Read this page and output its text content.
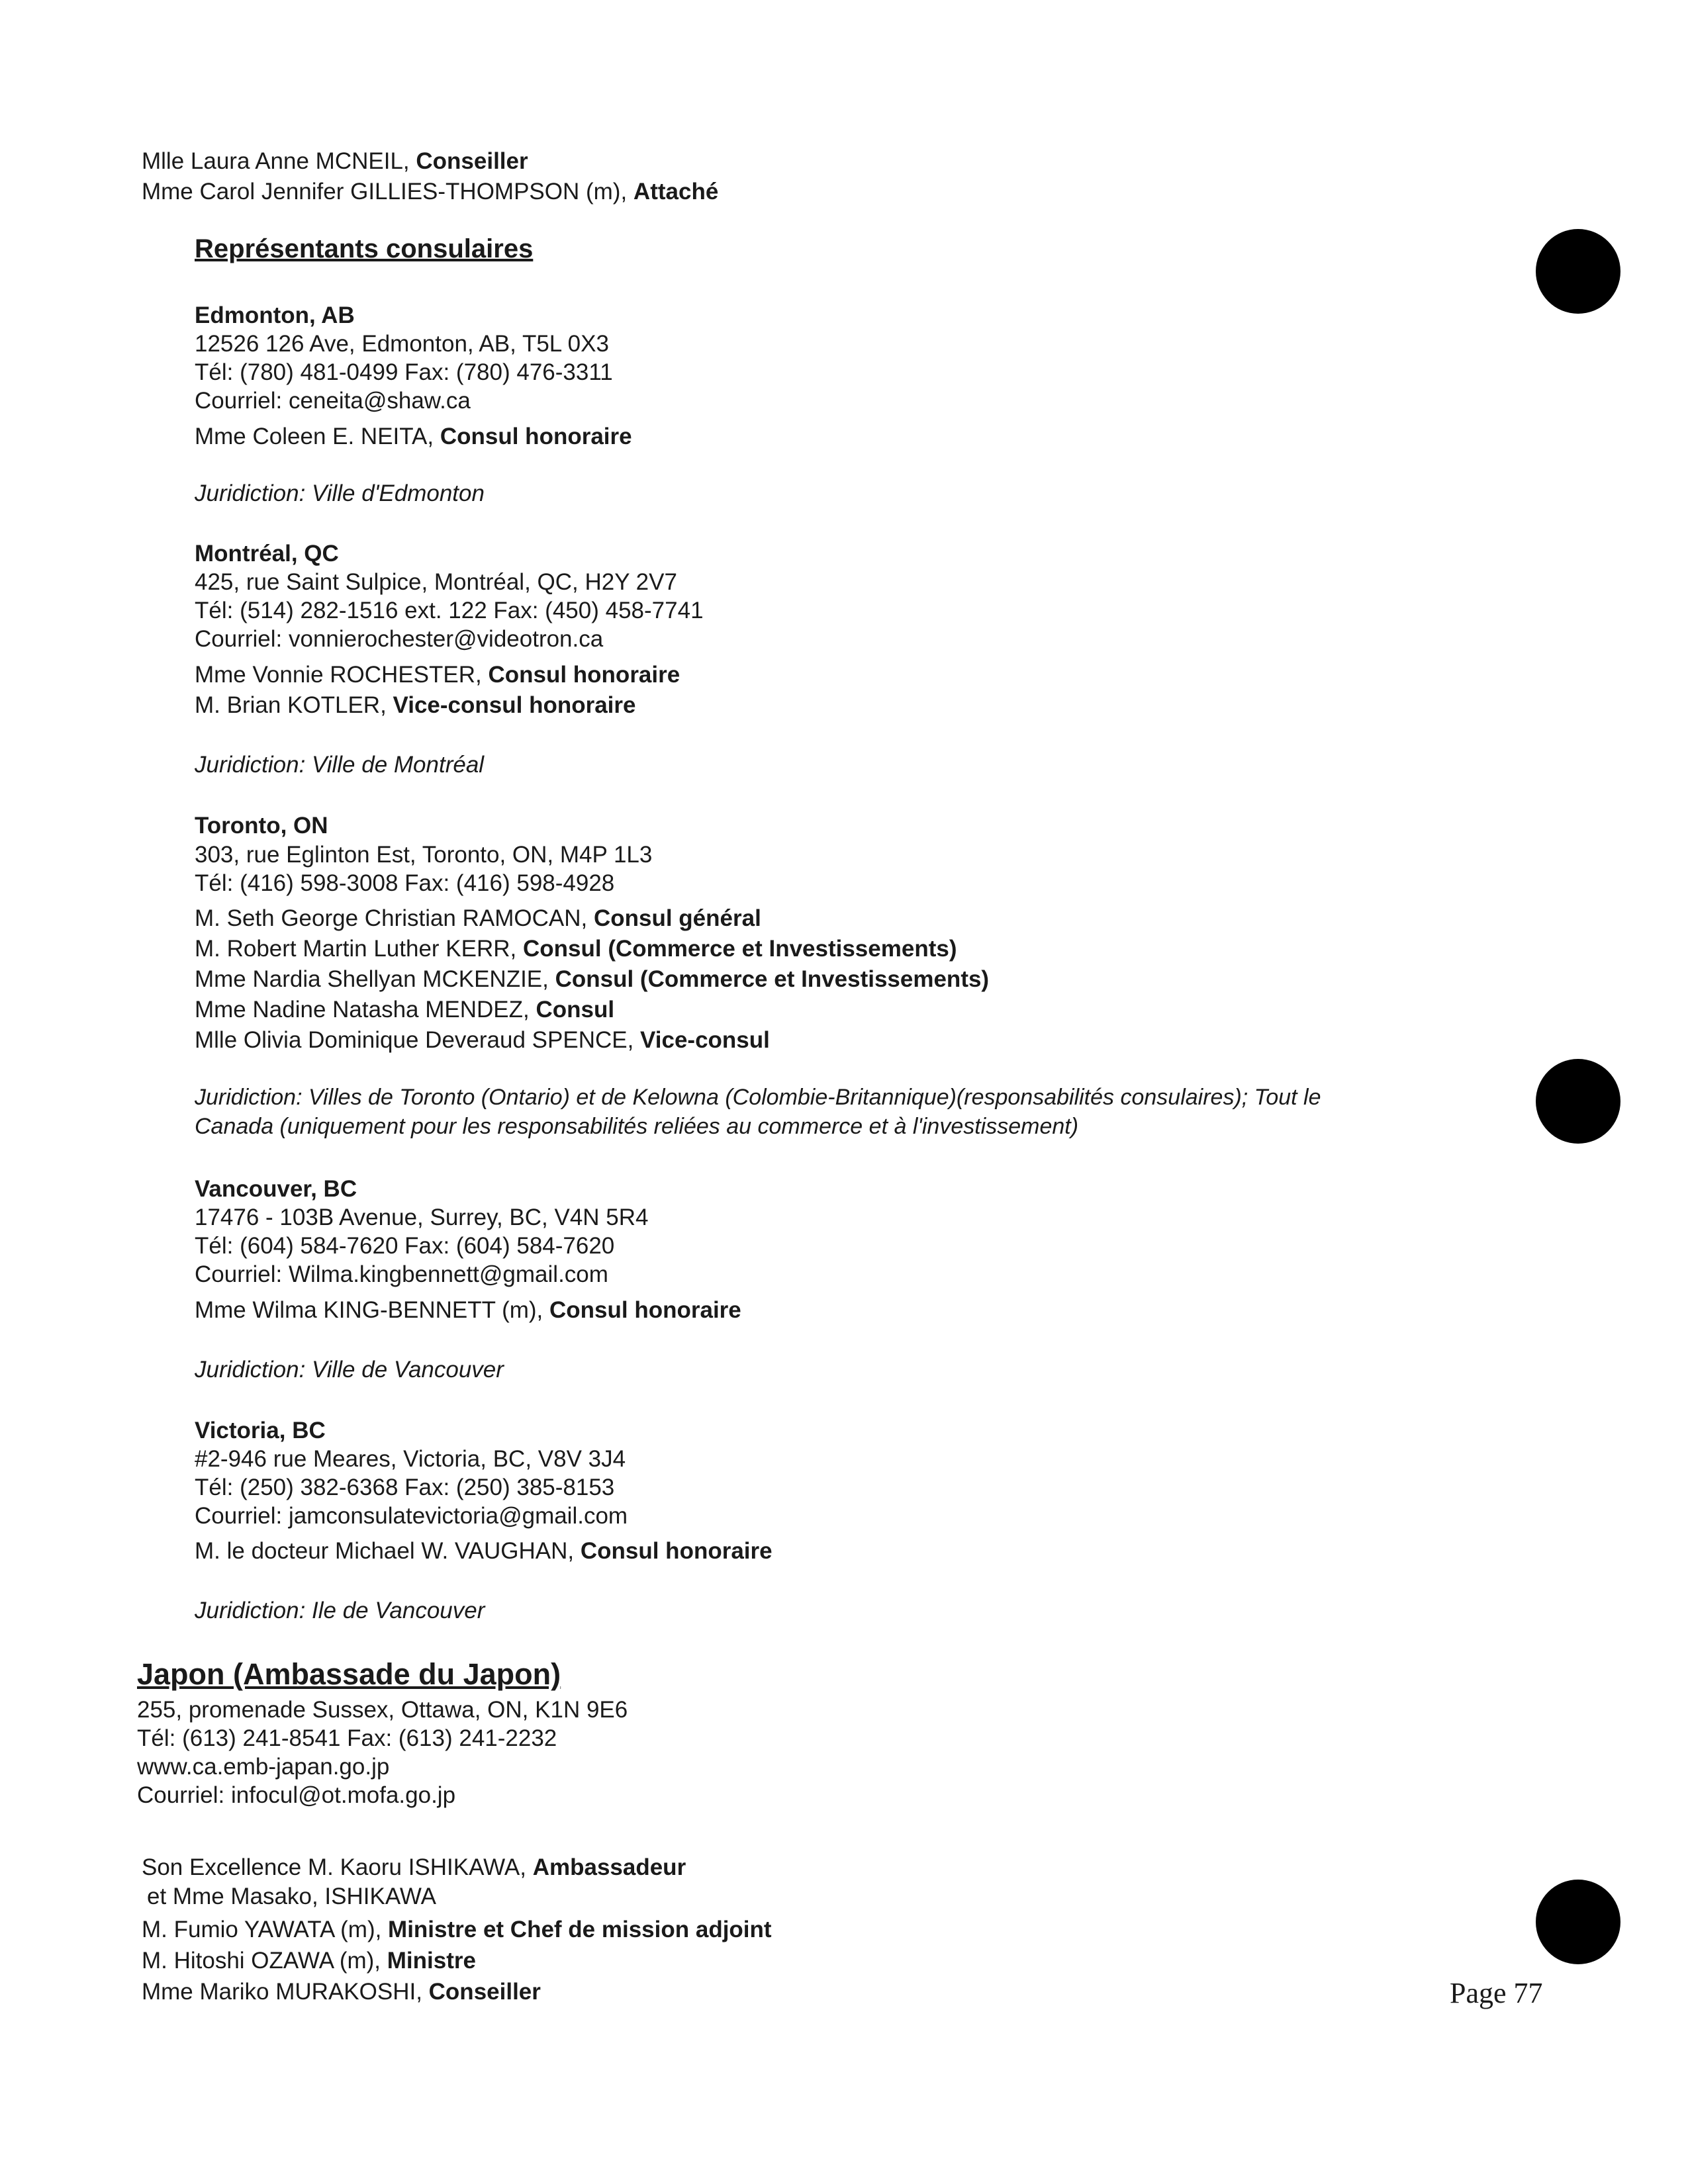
Mlle Laura Anne MCNEIL, Conseiller
Mme Carol Jennifer GILLIES-THOMPSON (m), Attaché
Représentants consulaires
Edmonton, AB
12526 126 Ave, Edmonton, AB, T5L 0X3
Tél: (780) 481-0499 Fax: (780) 476-3311
Courriel: ceneita@shaw.ca
Mme Coleen E. NEITA, Consul honoraire
Juridiction: Ville d'Edmonton
Montréal, QC
425, rue Saint Sulpice, Montréal, QC, H2Y 2V7
Tél: (514) 282-1516 ext. 122 Fax: (450) 458-7741
Courriel: vonnierochester@videotron.ca
Mme Vonnie ROCHESTER, Consul honoraire
M. Brian KOTLER, Vice-consul honoraire
Juridiction: Ville de Montréal
Toronto, ON
303, rue Eglinton Est, Toronto, ON, M4P 1L3
Tél: (416) 598-3008 Fax: (416) 598-4928
M. Seth George Christian RAMOCAN, Consul général
M. Robert Martin Luther KERR, Consul (Commerce et Investissements)
Mme Nardia Shellyan MCKENZIE, Consul (Commerce et Investissements)
Mme Nadine Natasha MENDEZ, Consul
Mlle Olivia Dominique Deveraud SPENCE, Vice-consul
Juridiction: Villes de Toronto (Ontario) et de Kelowna (Colombie-Britannique)(responsabilités consulaires); Tout le
Canada (uniquement pour les responsabilités reliées au commerce et à l'investissement)
Vancouver, BC
17476 - 103B Avenue, Surrey, BC, V4N 5R4
Tél: (604) 584-7620 Fax: (604) 584-7620
Courriel: Wilma.kingbennett@gmail.com
Mme Wilma KING-BENNETT (m), Consul honoraire
Juridiction: Ville de Vancouver
Victoria, BC
#2-946 rue Meares, Victoria, BC, V8V 3J4
Tél: (250) 382-6368 Fax: (250) 385-8153
Courriel: jamconsulatevictoria@gmail.com
M. le docteur Michael W. VAUGHAN, Consul honoraire
Juridiction: Ile de Vancouver
Japon (Ambassade du Japon)
255, promenade Sussex, Ottawa, ON, K1N 9E6
Tél: (613) 241-8541 Fax: (613) 241-2232
www.ca.emb-japan.go.jp
Courriel: infocul@ot.mofa.go.jp
Son Excellence M. Kaoru ISHIKAWA, Ambassadeur
et Mme Masako, ISHIKAWA
M. Fumio YAWATA (m), Ministre et Chef de mission adjoint
M. Hitoshi OZAWA (m), Ministre
Mme Mariko MURAKOSHI, Conseiller	Page 77
